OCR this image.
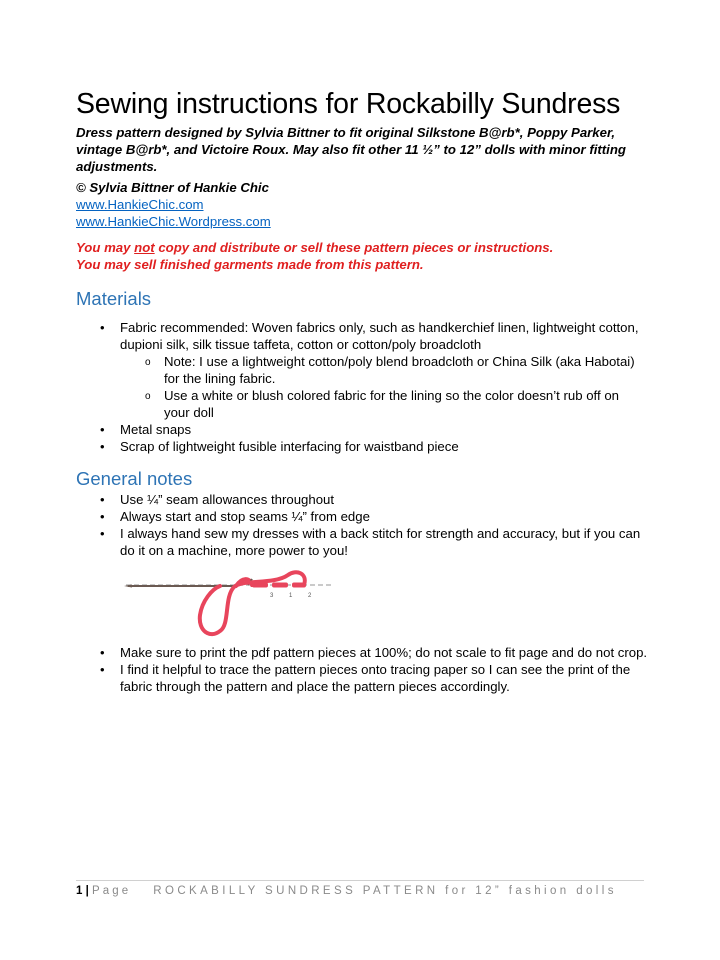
Sewing instructions for Rockabilly Sundress

Dress pattern designed by Sylvia Bittner to fit original Silkstone B@rb*, Poppy Parker, vintage B@rb*, and Victoire Roux. May also fit other 11 ½” to 12” dolls with minor fitting adjustments.

© Sylvia Bittner of Hankie Chic

www.HankieChic.com
www.HankieChic.Wordpress.com

You may not copy and distribute or sell these pattern pieces or instructions.
You may sell finished garments made from this pattern.

Materials
• Fabric recommended: Woven fabrics only, such as handkerchief linen, lightweight cotton, dupioni silk, silk tissue taffeta, cotton or cotton/poly broadcloth
o Note: I use a lightweight cotton/poly blend broadcloth or China Silk (aka Habotai) for the lining fabric.
o Use a white or blush colored fabric for the lining so the color doesn’t rub off on your doll
• Metal snaps
• Scrap of lightweight fusible interfacing for waistband piece
General notes
• Use ¼” seam allowances throughout
• Always start and stop seams ¼” from edge
• I always hand sew my dresses with a back stitch for strength and accuracy, but if you can do it on a machine, more power to you!
3	1	2
• Make sure to print the pdf pattern pieces at 100%; do not scale to fit page and do not crop.
• I find it helpful to trace the pattern pieces onto tracing paper so I can see the print of the fabric through the pattern and place the pattern pieces accordingly.
1 | Page ROCKABILLY SUNDRESS PATTERN for 12” fashion dolls
